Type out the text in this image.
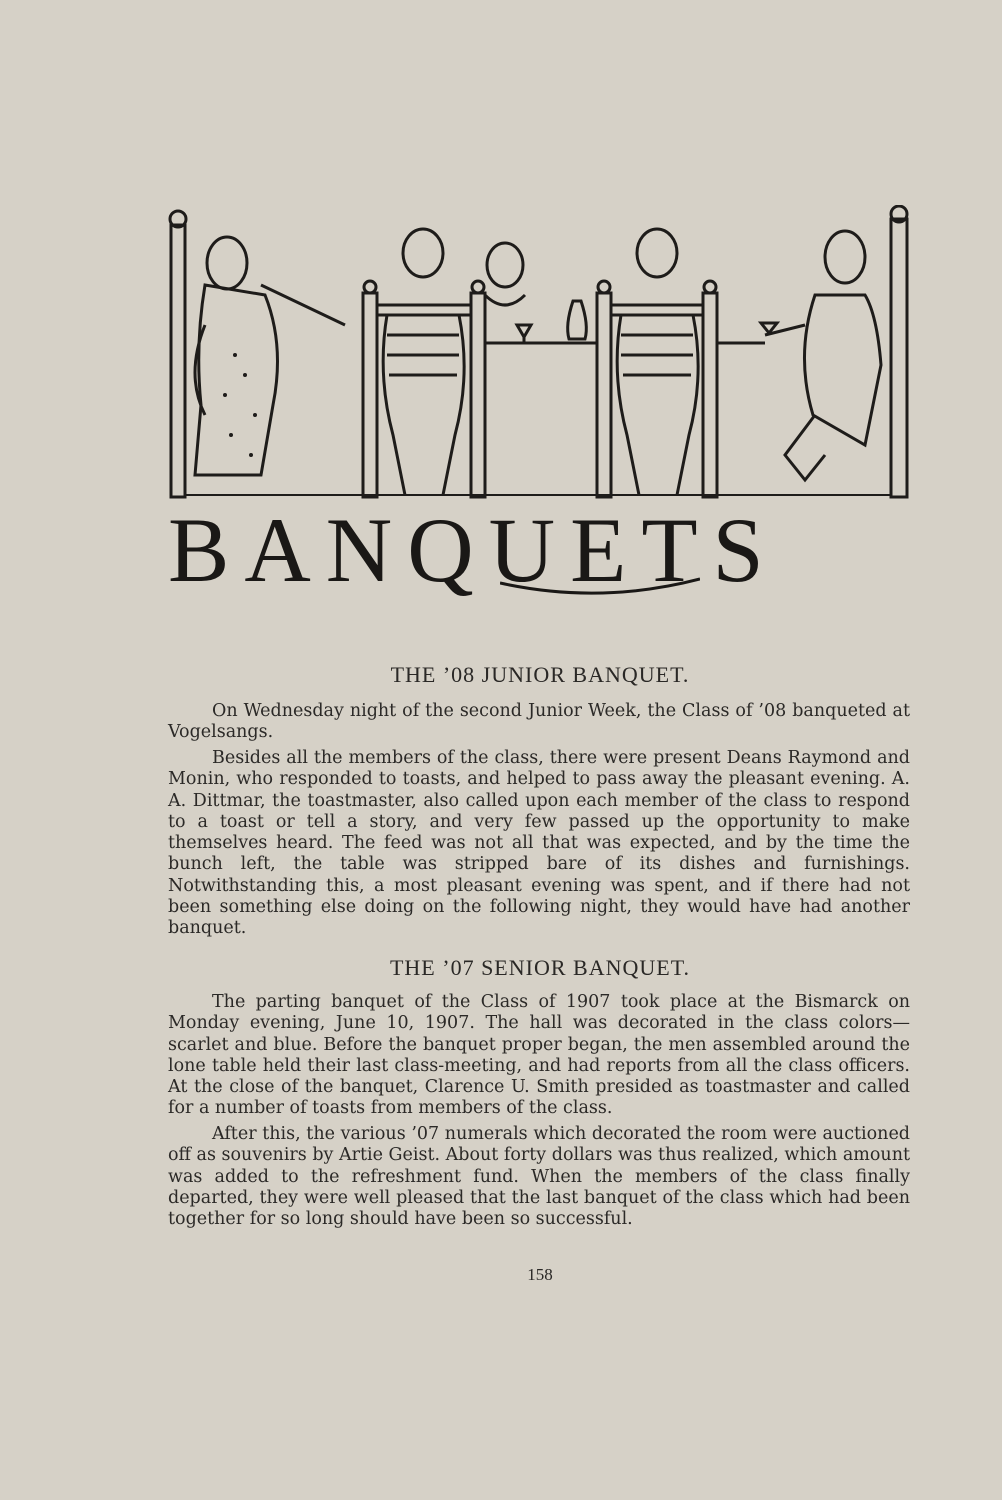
BANQUETS
THE ’08 JUNIOR BANQUET.

On Wednesday night of the second Junior Week, the Class of ’08 banqueted at Vogelsangs.

Besides all the members of the class, there were present Deans Raymond and Monin, who responded to toasts, and helped to pass away the pleasant evening. A. A. Dittmar, the toastmaster, also called upon each member of the class to respond to a toast or tell a story, and very few passed up the opportunity to make themselves heard. The feed was not all that was expected, and by the time the bunch left, the table was stripped bare of its dishes and furnishings. Notwithstanding this, a most pleasant evening was spent, and if there had not been something else doing on the following night, they would have had another banquet.

THE ’07 SENIOR BANQUET.

The parting banquet of the Class of 1907 took place at the Bismarck on Monday evening, June 10, 1907. The hall was decorated in the class colors—scarlet and blue. Before the banquet proper began, the men assembled around the lone table held their last class-meeting, and had reports from all the class officers. At the close of the banquet, Clarence U. Smith presided as toastmaster and called for a number of toasts from members of the class.

After this, the various ’07 numerals which decorated the room were auctioned off as souvenirs by Artie Geist. About forty dollars was thus realized, which amount was added to the refreshment fund. When the members of the class finally departed, they were well pleased that the last banquet of the class which had been together for so long should have been so successful.

158
